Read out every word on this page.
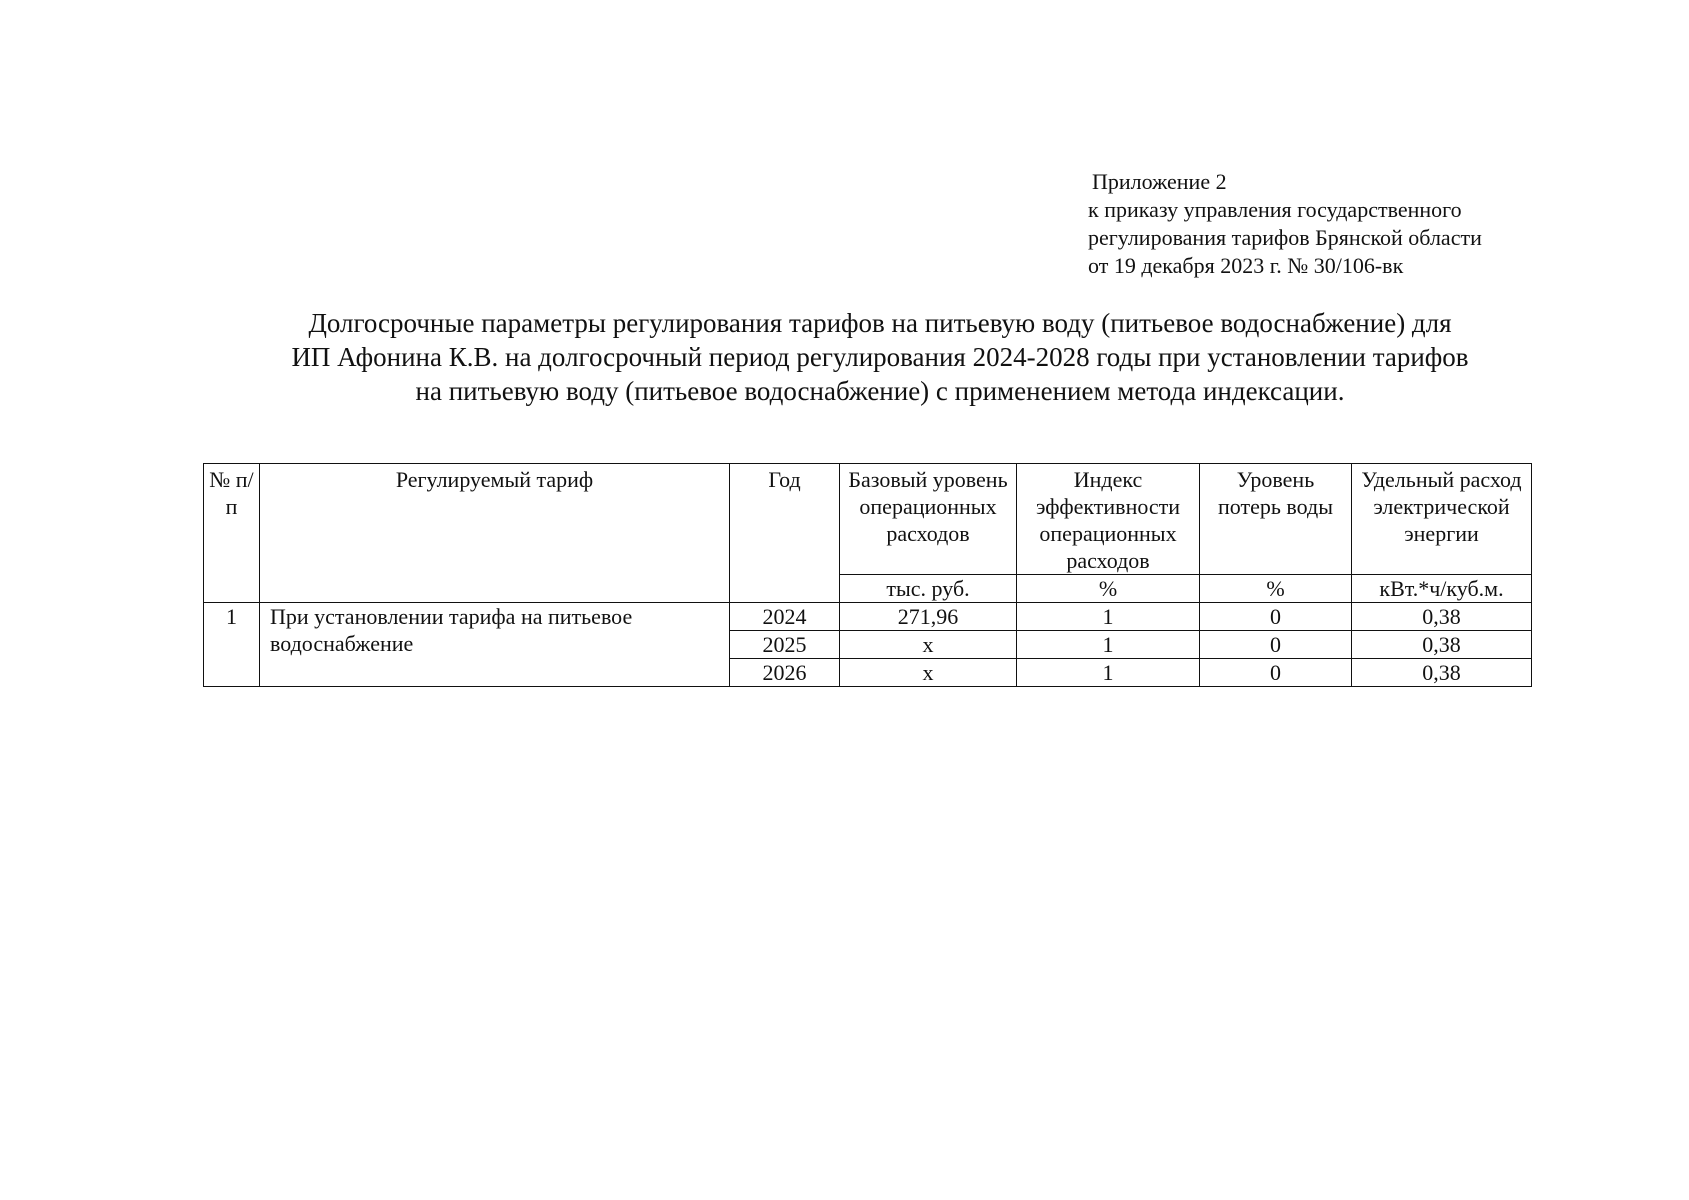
Приложение 2
к приказу управления государственного
регулирования тарифов Брянской области
от 19 декабря 2023 г. № 30/106-вк
Долгосрочные параметры регулирования тарифов на питьевую воду (питьевое водоснабжение) для
ИП Афонина К.В. на долгосрочный период регулирования 2024-2028 годы при установлении тарифов
на питьевую воду (питьевое водоснабжение) с применением метода индексации.
№ п/п	Регулируемый тариф	Год	Базовый уровень операционных расходов	Индекс эффективности операционных расходов	Уровень потерь воды	Удельный расход электрической энергии
			тыс. руб.	%	%	кВт.*ч/куб.м.
1	При установлении тарифа на питьевое водоснабжение	2024	271,96	1	0	0,38
		2025	х	1	0	0,38
		2026	х	1	0	0,38
